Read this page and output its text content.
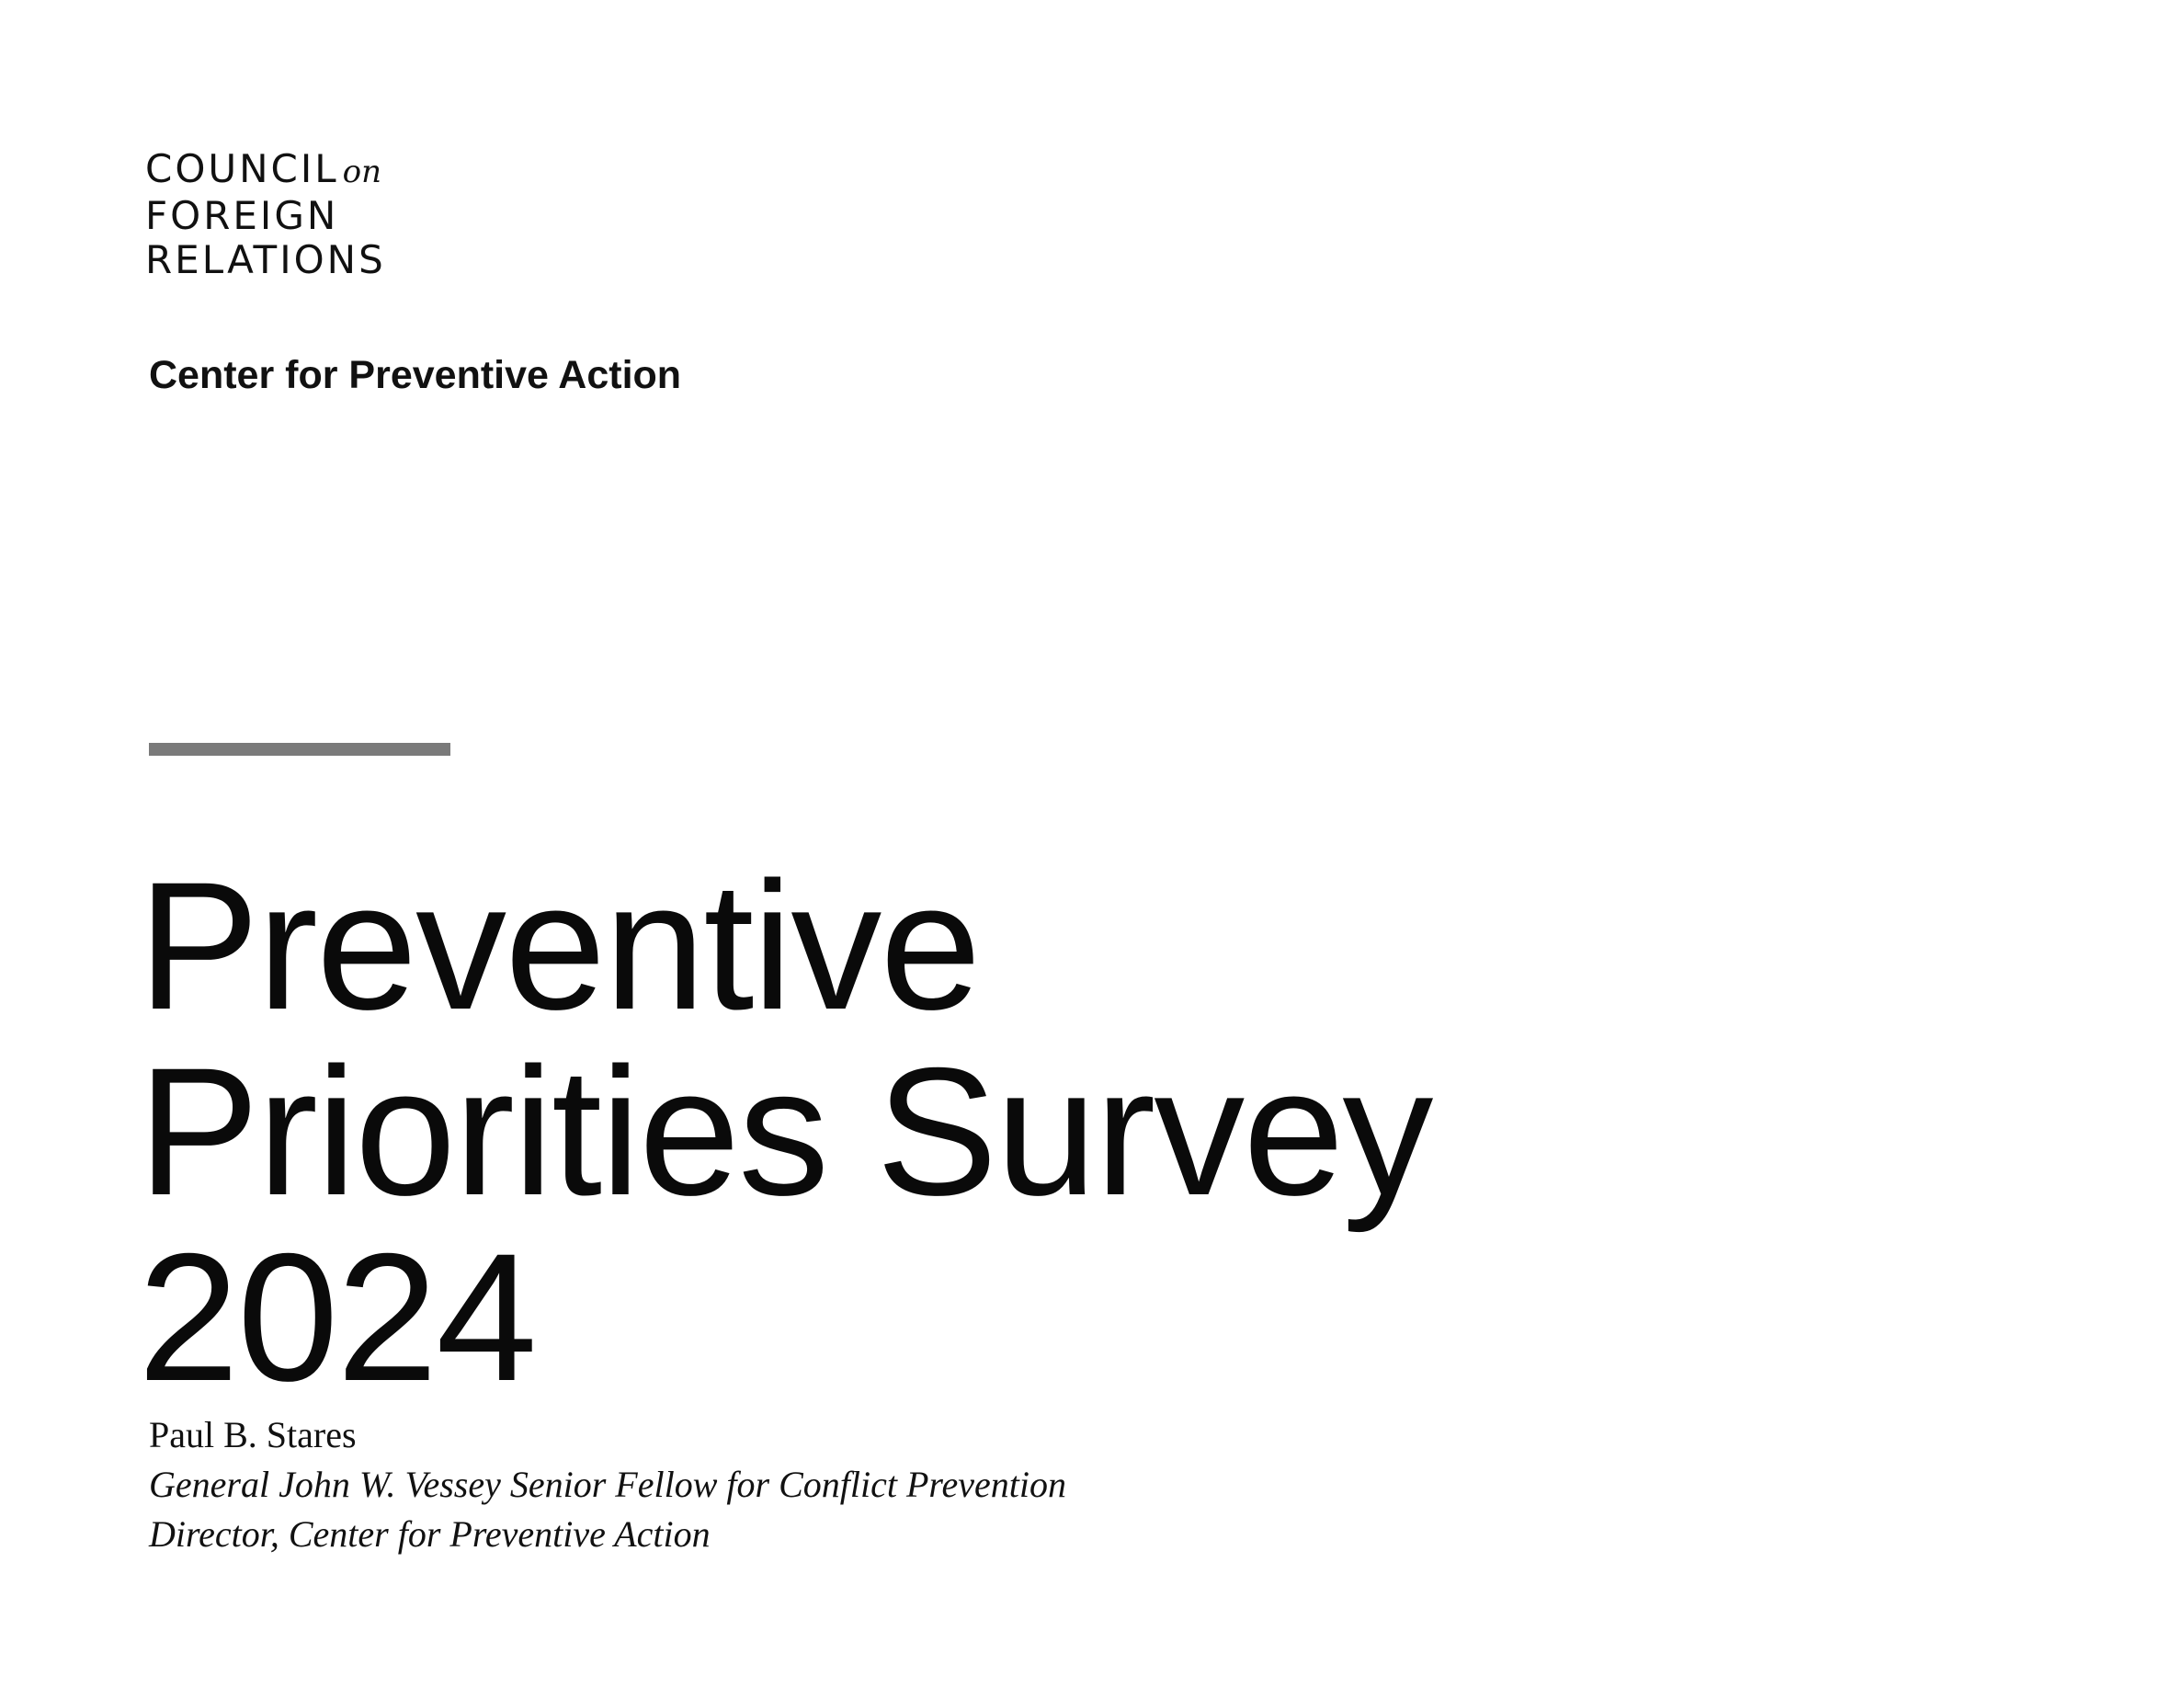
COUNCIL on
FOREIGN
RELATIONS
Center for Preventive Action
Preventive
Priorities Survey
2024
Paul B. Stares
General John W. Vessey Senior Fellow for Conflict Prevention
Director, Center for Preventive Action
